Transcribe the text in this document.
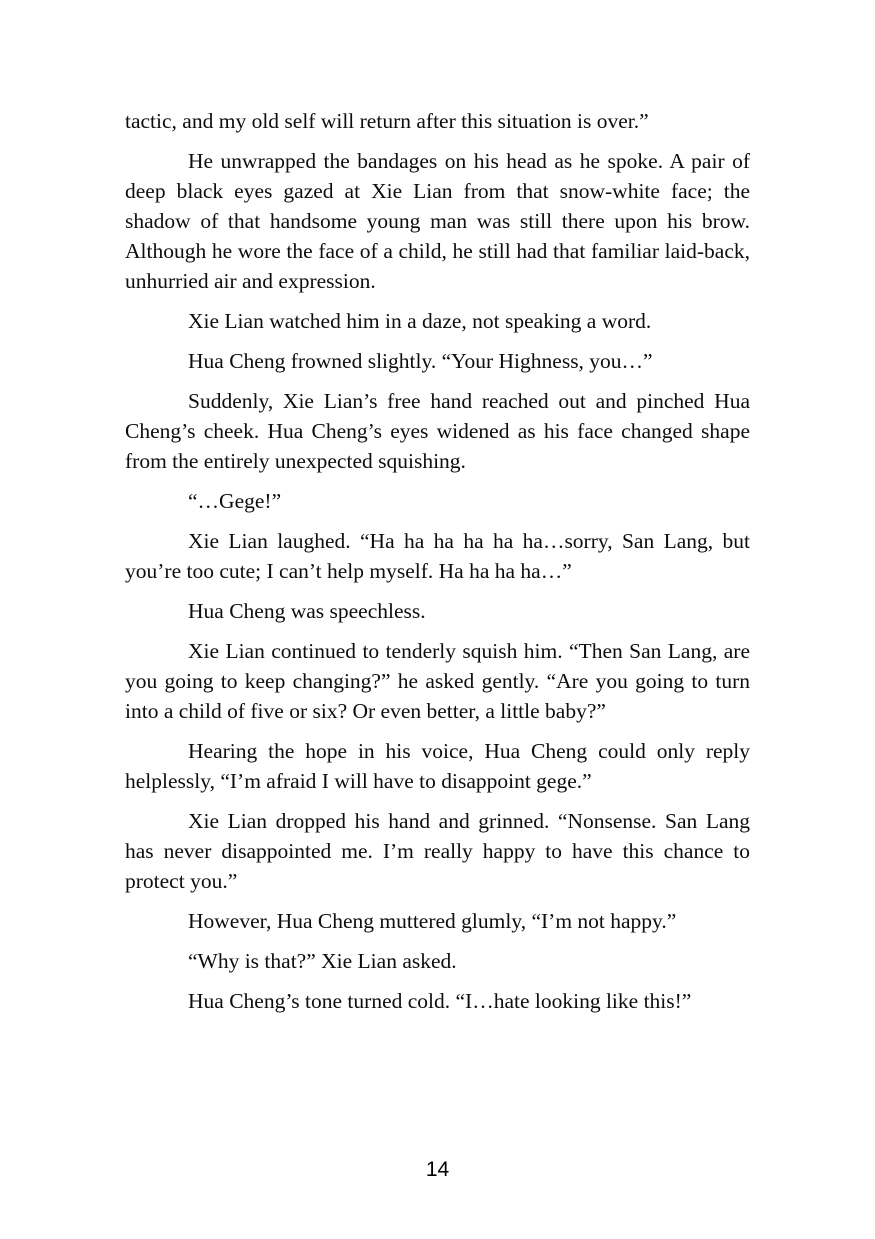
tactic, and my old self will return after this situation is over.”

He unwrapped the bandages on his head as he spoke. A pair of deep black eyes gazed at Xie Lian from that snow-white face; the shadow of that handsome young man was still there upon his brow. Although he wore the face of a child, he still had that familiar laid-back, unhurried air and expression.

Xie Lian watched him in a daze, not speaking a word.

Hua Cheng frowned slightly. “Your Highness, you…”

Suddenly, Xie Lian’s free hand reached out and pinched Hua Cheng’s cheek. Hua Cheng’s eyes widened as his face changed shape from the entirely unexpected squishing.

“…Gege!”

Xie Lian laughed. “Ha ha ha ha ha ha…sorry, San Lang, but you’re too cute; I can’t help myself. Ha ha ha ha…”

Hua Cheng was speechless.

Xie Lian continued to tenderly squish him. “Then San Lang, are you going to keep changing?” he asked gently. “Are you going to turn into a child of five or six? Or even better, a little baby?”

Hearing the hope in his voice, Hua Cheng could only reply helplessly, “I’m afraid I will have to disappoint gege.”

Xie Lian dropped his hand and grinned. “Nonsense. San Lang has never disappointed me. I’m really happy to have this chance to protect you.”

However, Hua Cheng muttered glumly, “I’m not happy.”

“Why is that?” Xie Lian asked.

Hua Cheng’s tone turned cold. “I…hate looking like this!”

14
